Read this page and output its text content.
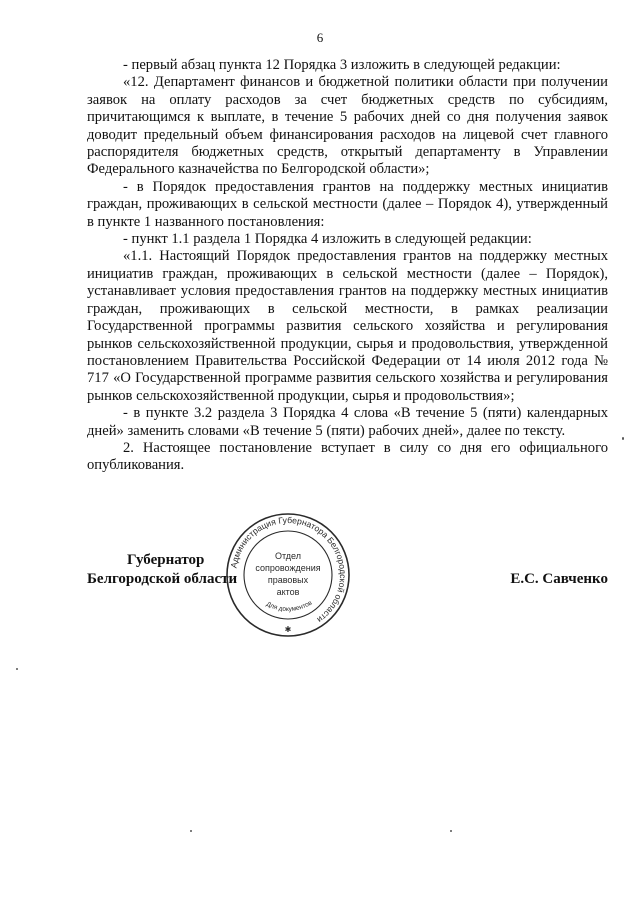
6

- первый абзац пункта 12 Порядка 3 изложить в следующей редакции:

«12. Департамент финансов и бюджетной политики области при получении заявок на оплату расходов за счет бюджетных средств по субсидиям, причитающимся к выплате, в течение 5 рабочих дней со дня получения заявок доводит предельный объем финансирования расходов на лицевой счет главного распорядителя бюджетных средств, открытый департаменту в Управлении Федерального казначейства по Белгородской области»;

- в Порядок предоставления грантов на поддержку местных инициатив граждан, проживающих в сельской местности (далее – Порядок 4), утвержденный в пункте 1 названного постановления:

- пункт 1.1 раздела 1 Порядка 4 изложить в следующей редакции:

«1.1. Настоящий Порядок предоставления грантов на поддержку местных инициатив граждан, проживающих в сельской местности (далее – Порядок), устанавливает условия предоставления грантов на поддержку местных инициатив граждан, проживающих в сельской местности, в рамках реализации Государственной программы развития сельского хозяйства и регулирования рынков сельскохозяйственной продукции, сырья и продовольствия, утвержденной постановлением Правительства Российской Федерации от 14 июля 2012 года № 717 «О Государственной программе развития сельского хозяйства и регулирования рынков сельскохозяйственной продукции, сырья и продовольствия»;

- в пункте 3.2 раздела 3 Порядка 4 слова «В течение 5 (пяти) календарных дней» заменить словами «В течение 5 (пяти) рабочих дней», далее по тексту.

2. Настоящее постановление вступает в силу со дня его официального опубликования.

Губернатор
Белгородской области	Е.С. Савченко
Администрация Губернатора Белгородской области
Отдел
сопровождения
правовых
актов
Для документов
✱
